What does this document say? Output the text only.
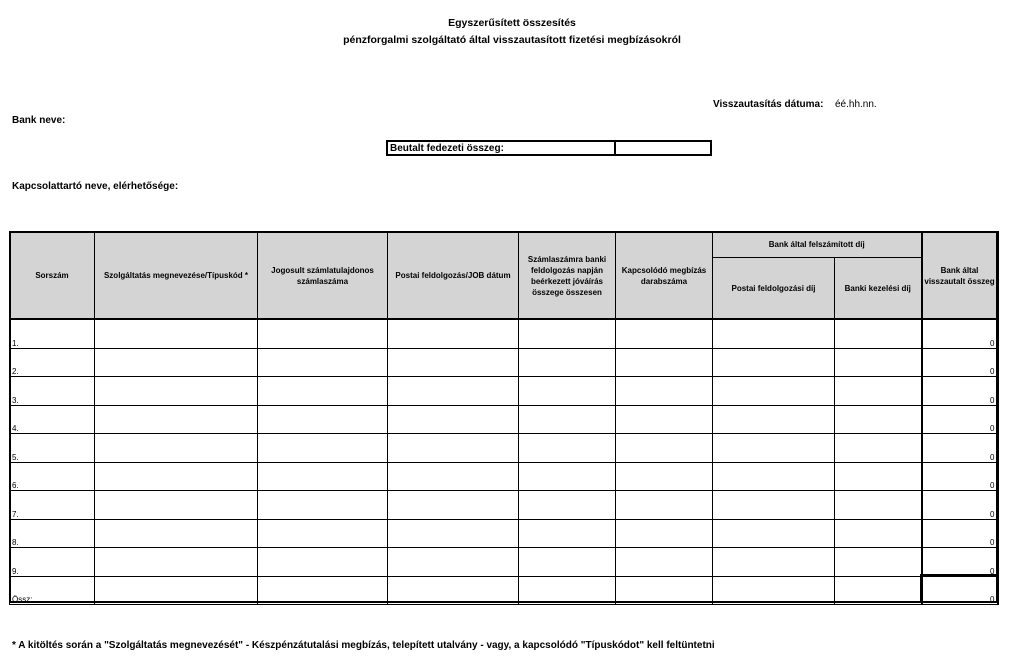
Egyszerűsített összesítés
pénzforgalmi szolgáltató által visszautasított fizetési megbízásokról
Visszautasítás dátuma: éé.hh.nn.
Bank neve:
Beutalt fedezeti összeg:
Kapcsolattartó neve, elérhetősége:
Sorszám	Szolgáltatás megnevezése/Típuskód *	Jogosult számlatulajdonos számlaszáma	Postai feldolgozás/JOB dátum	Számlaszámra banki feldolgozás napján beérkezett jóváírás összege összesen	Kapcsolódó megbízás darabszáma	Bank által felszámított díj		Bank által visszautalt összeg
						Postai feldolgozási díj	Banki kezelési díj	
1.								0
2.								0
3.								0
4.								0
5.								0
6.								0
7.								0
8.								0
9.								0
Össz:								0
* A kitöltés során a "Szolgáltatás megnevezését" - Készpénzátutalási megbízás, telepített utalvány - vagy, a kapcsolódó "Típuskódot" kell feltüntetni
